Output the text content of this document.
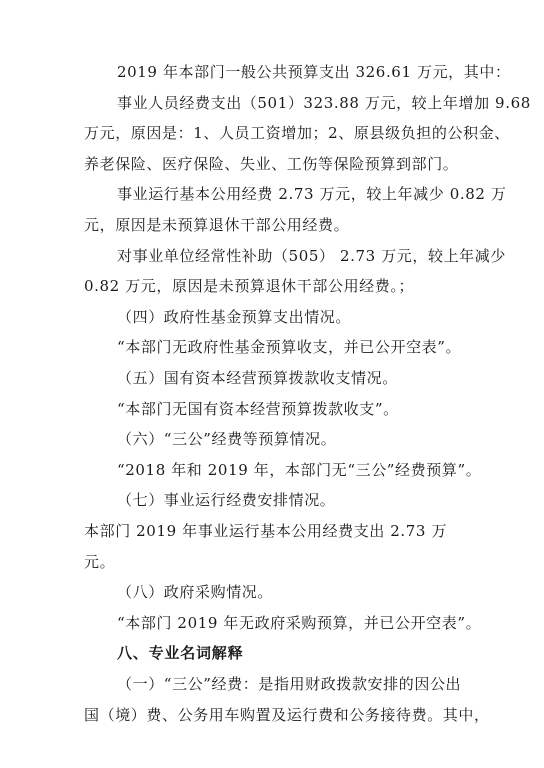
2019 年本部门一般公共预算支出 326.61 万元，其中：
事业人员经费支出（501）323.88 万元，较上年增加 9.68
万元，原因是：1、人员工资增加；2、原县级负担的公积金、
养老保险、医疗保险、失业、工伤等保险预算到部门。
事业运行基本公用经费 2.73 万元，较上年减少 0.82 万
元，原因是未预算退休干部公用经费。
对事业单位经常性补助（505） 2.73 万元，较上年减少
0.82 万元，原因是未预算退休干部公用经费。；
（四）政府性基金预算支出情况。
“本部门无政府性基金预算收支，并已公开空表”。
（五）国有资本经营预算拨款收支情况。
“本部门无国有资本经营预算拨款收支”。
（六）“三公”经费等预算情况。
“2018 年和 2019 年，本部门无“三公”经费预算”。
（七）事业运行经费安排情况。
本部门 2019 年事业运行基本公用经费支出 2.73 万
元。
（八）政府采购情况。
“本部门 2019 年无政府采购预算，并已公开空表”。
八、专业名词解释
（一）“三公”经费：是指用财政拨款安排的因公出
国（境）费、公务用车购置及运行费和公务接待费。其中，
